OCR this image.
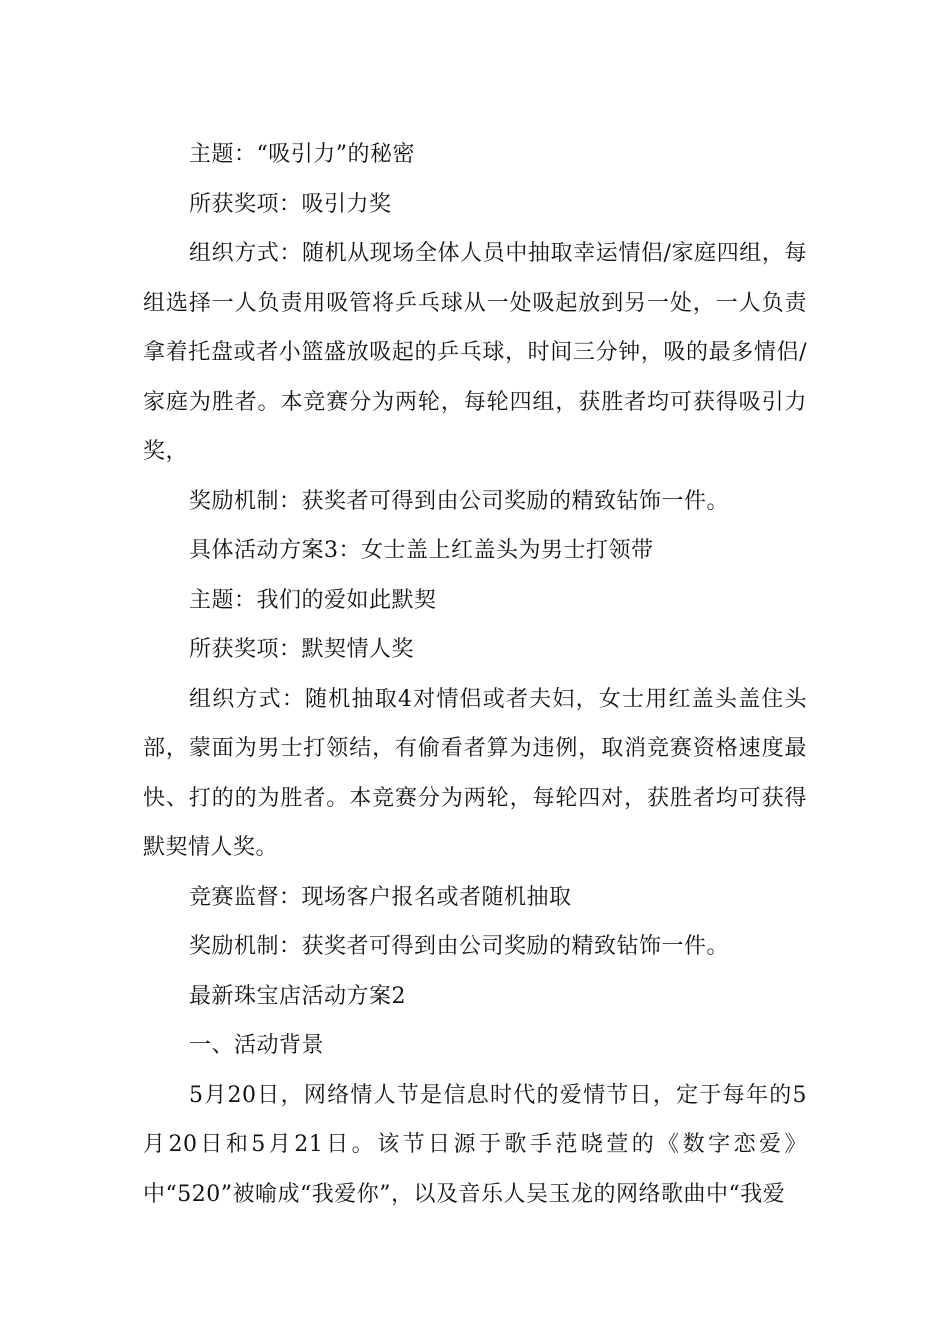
主题：“吸引力”的秘密

所获奖项：吸引力奖

组织方式：随机从现场全体人员中抽取幸运情侣/家庭四组，每组选择一人负责用吸管将乒乓球从一处吸起放到另一处，一人负责拿着托盘或者小篮盛放吸起的乒乓球，时间三分钟，吸的最多情侣/家庭为胜者。本竞赛分为两轮，每轮四组，获胜者均可获得吸引力奖，

奖励机制：获奖者可得到由公司奖励的精致钻饰一件。

具体活动方案3：女士盖上红盖头为男士打领带

主题：我们的爱如此默契

所获奖项：默契情人奖

组织方式：随机抽取4对情侣或者夫妇，女士用红盖头盖住头部，蒙面为男士打领结，有偷看者算为违例，取消竞赛资格速度最快、打的的为胜者。本竞赛分为两轮，每轮四对，获胜者均可获得默契情人奖。

竞赛监督：现场客户报名或者随机抽取

奖励机制：获奖者可得到由公司奖励的精致钻饰一件。

最新珠宝店活动方案2

一、活动背景

5月20日，网络情人节是信息时代的爱情节日，定于每年的5月20日和5月21日。该节日源于歌手范晓萱的《数字恋爱》中“520”被喻成“我爱你”，以及音乐人吴玉龙的网络歌曲中“我爱
